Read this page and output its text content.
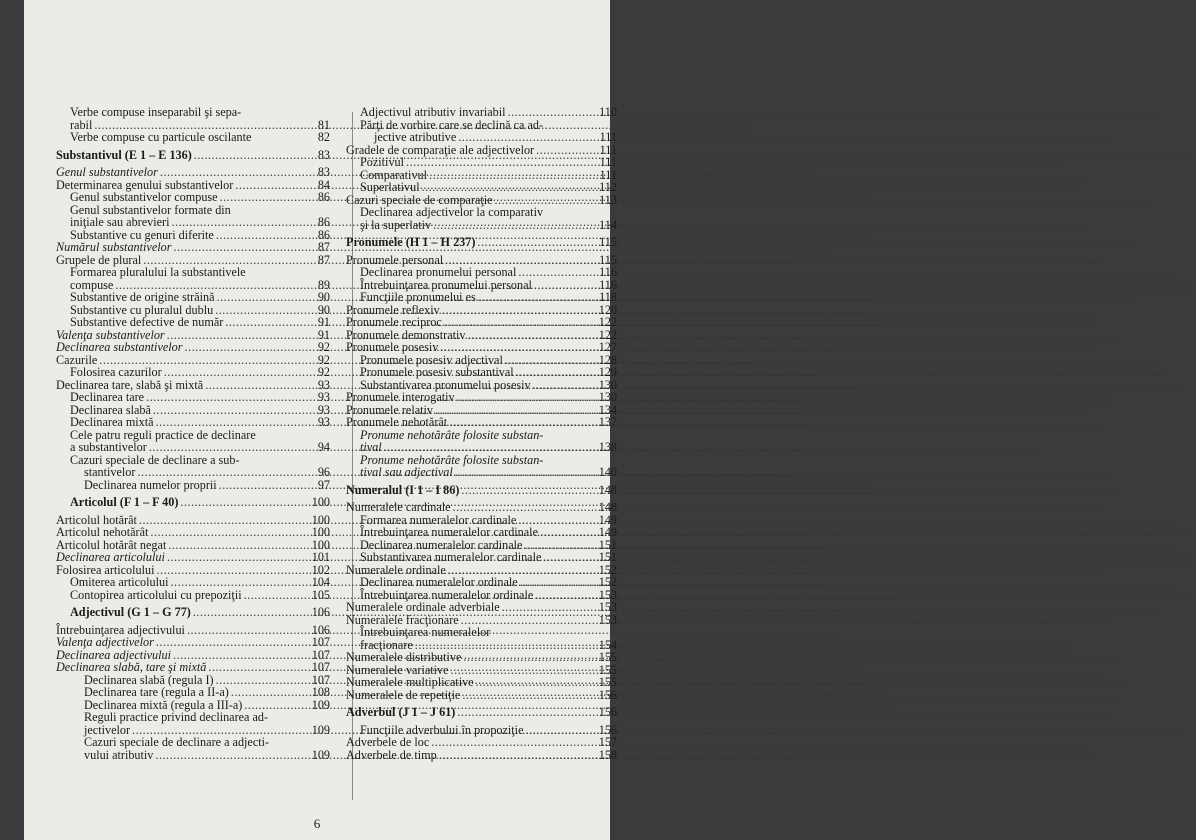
Verbe compuse inseparabil şi sepa-
rabil .....	81
Verbe compuse cu particule oscilante	82
Substantivul (E 1 – E 136) .....	83
Genul substantivelor .....	83
Determinarea genului substantivelor .....	84
Genul substantivelor compuse .....	86
Genul substantivelor formate din
iniţiale sau abrevieri .....	86
Substantive cu genuri diferite .....	86
Numărul substantivelor .....	87
Grupele de plural .....	87
Formarea pluralului la substantivele
compuse .....	89
Substantive de origine străină .....	90
Substantive cu pluralul dublu .....	90
Substantive defective de număr .....	91
Valenţa substantivelor .....	91
Declinarea substantivelor .....	92
Cazurile .....	92
Folosirea cazurilor .....	92
Declinarea tare, slabă şi mixtă .....	93
Declinarea tare .....	93
Declinarea slabă .....	93
Declinarea mixtă .....	93
Cele patru reguli practice de declinare
a substantivelor .....	94
Cazuri speciale de declinare a sub-
stantivelor .....	96
Declinarea numelor proprii .....	97
Articolul (F 1 – F 40) .....	100
Articolul hotărât .....	100
Articolul nehotărât .....	100
Articolul hotărât negat .....	100
Declinarea articolului .....	101
Folosirea articolului .....	102
Omiterea articolului .....	104
Contopirea articolului cu prepoziţii .....	105
Adjectivul (G 1 – G 77) .....	106
Întrebuinţarea adjectivului .....	106
Valenţa adjectivelor .....	107
Declinarea adjectivului .....	107
Declinarea slabă, tare şi mixtă .....	107
Declinarea slabă (regula I) .....	107
Declinarea tare (regula a II-a) .....	108
Declinarea mixtă (regula a III-a) .....	109
Reguli practice privind declinarea ad-
jectivelor .....	109
Cazuri speciale de declinare a adjecti-
vului atributiv .....	109
Adjectivul atributiv invariabil .....	110
Părţi de vorbire care se declină ca ad-
jective atributive .....	111
Gradele de comparaţie ale adjectivelor .....	111
Pozitivul .....	111
Comparativul .....	111
Superlativul .....	112
Cazuri speciale de comparaţie .....	113
Declinarea adjectivelor la comparativ
şi la superlativ .....	114
Pronumele (H 1 – H 237) .....	115
Pronumele personal .....	115
Declinarea pronumelui personal .....	116
Întrebuinţarea pronumelui personal .....	116
Funcţiile pronumelui es .....	118
Pronumele reflexiv .....	120
Pronumele reciproc .....	122
Pronumele demonstrativ .....	122
Pronumele posesiv .....	127
Pronumele posesiv adjectival .....	128
Pronumele posesiv substantival .....	129
Substantivarea pronumelui posesiv .....	130
Pronumele interogativ .....	130
Pronumele relativ .....	134
Pronumele nehotărât .....	137
Pronume nehotărâte folosite substan-
tival .....	138
Pronume nehotărâte folosite substan-
tival sau adjectival .....	140
Numeralul (I 1 – I 86) .....	148
Numeralele cardinale .....	148
Formarea numeralelor cardinale .....	149
Întrebuinţarea numeralelor cardinale .....	149
Declinarea numeralelor cardinale .....	151
Substantivarea numeralelor cardinale .....	151
Numeralele ordinale .....	152
Declinarea numeralelor ordinale .....	152
Întrebuinţarea numeralelor ordinale .....	153
Numeralele ordinale adverbiale .....	153
Numeralele fracţionare .....	153
Întrebuinţarea numeralelor
fracţionare .....	154
Numeralele distributive .....	155
Numeralele variative .....	155
Numeralele multiplicative .....	155
Numeralele de repetiţie .....	156
Adverbul (J 1 – J 61) .....	156
Funcţiile adverbului în propoziţie .....	156
Adverbele de loc .....	157
Adverbele de timp .....	158
6
